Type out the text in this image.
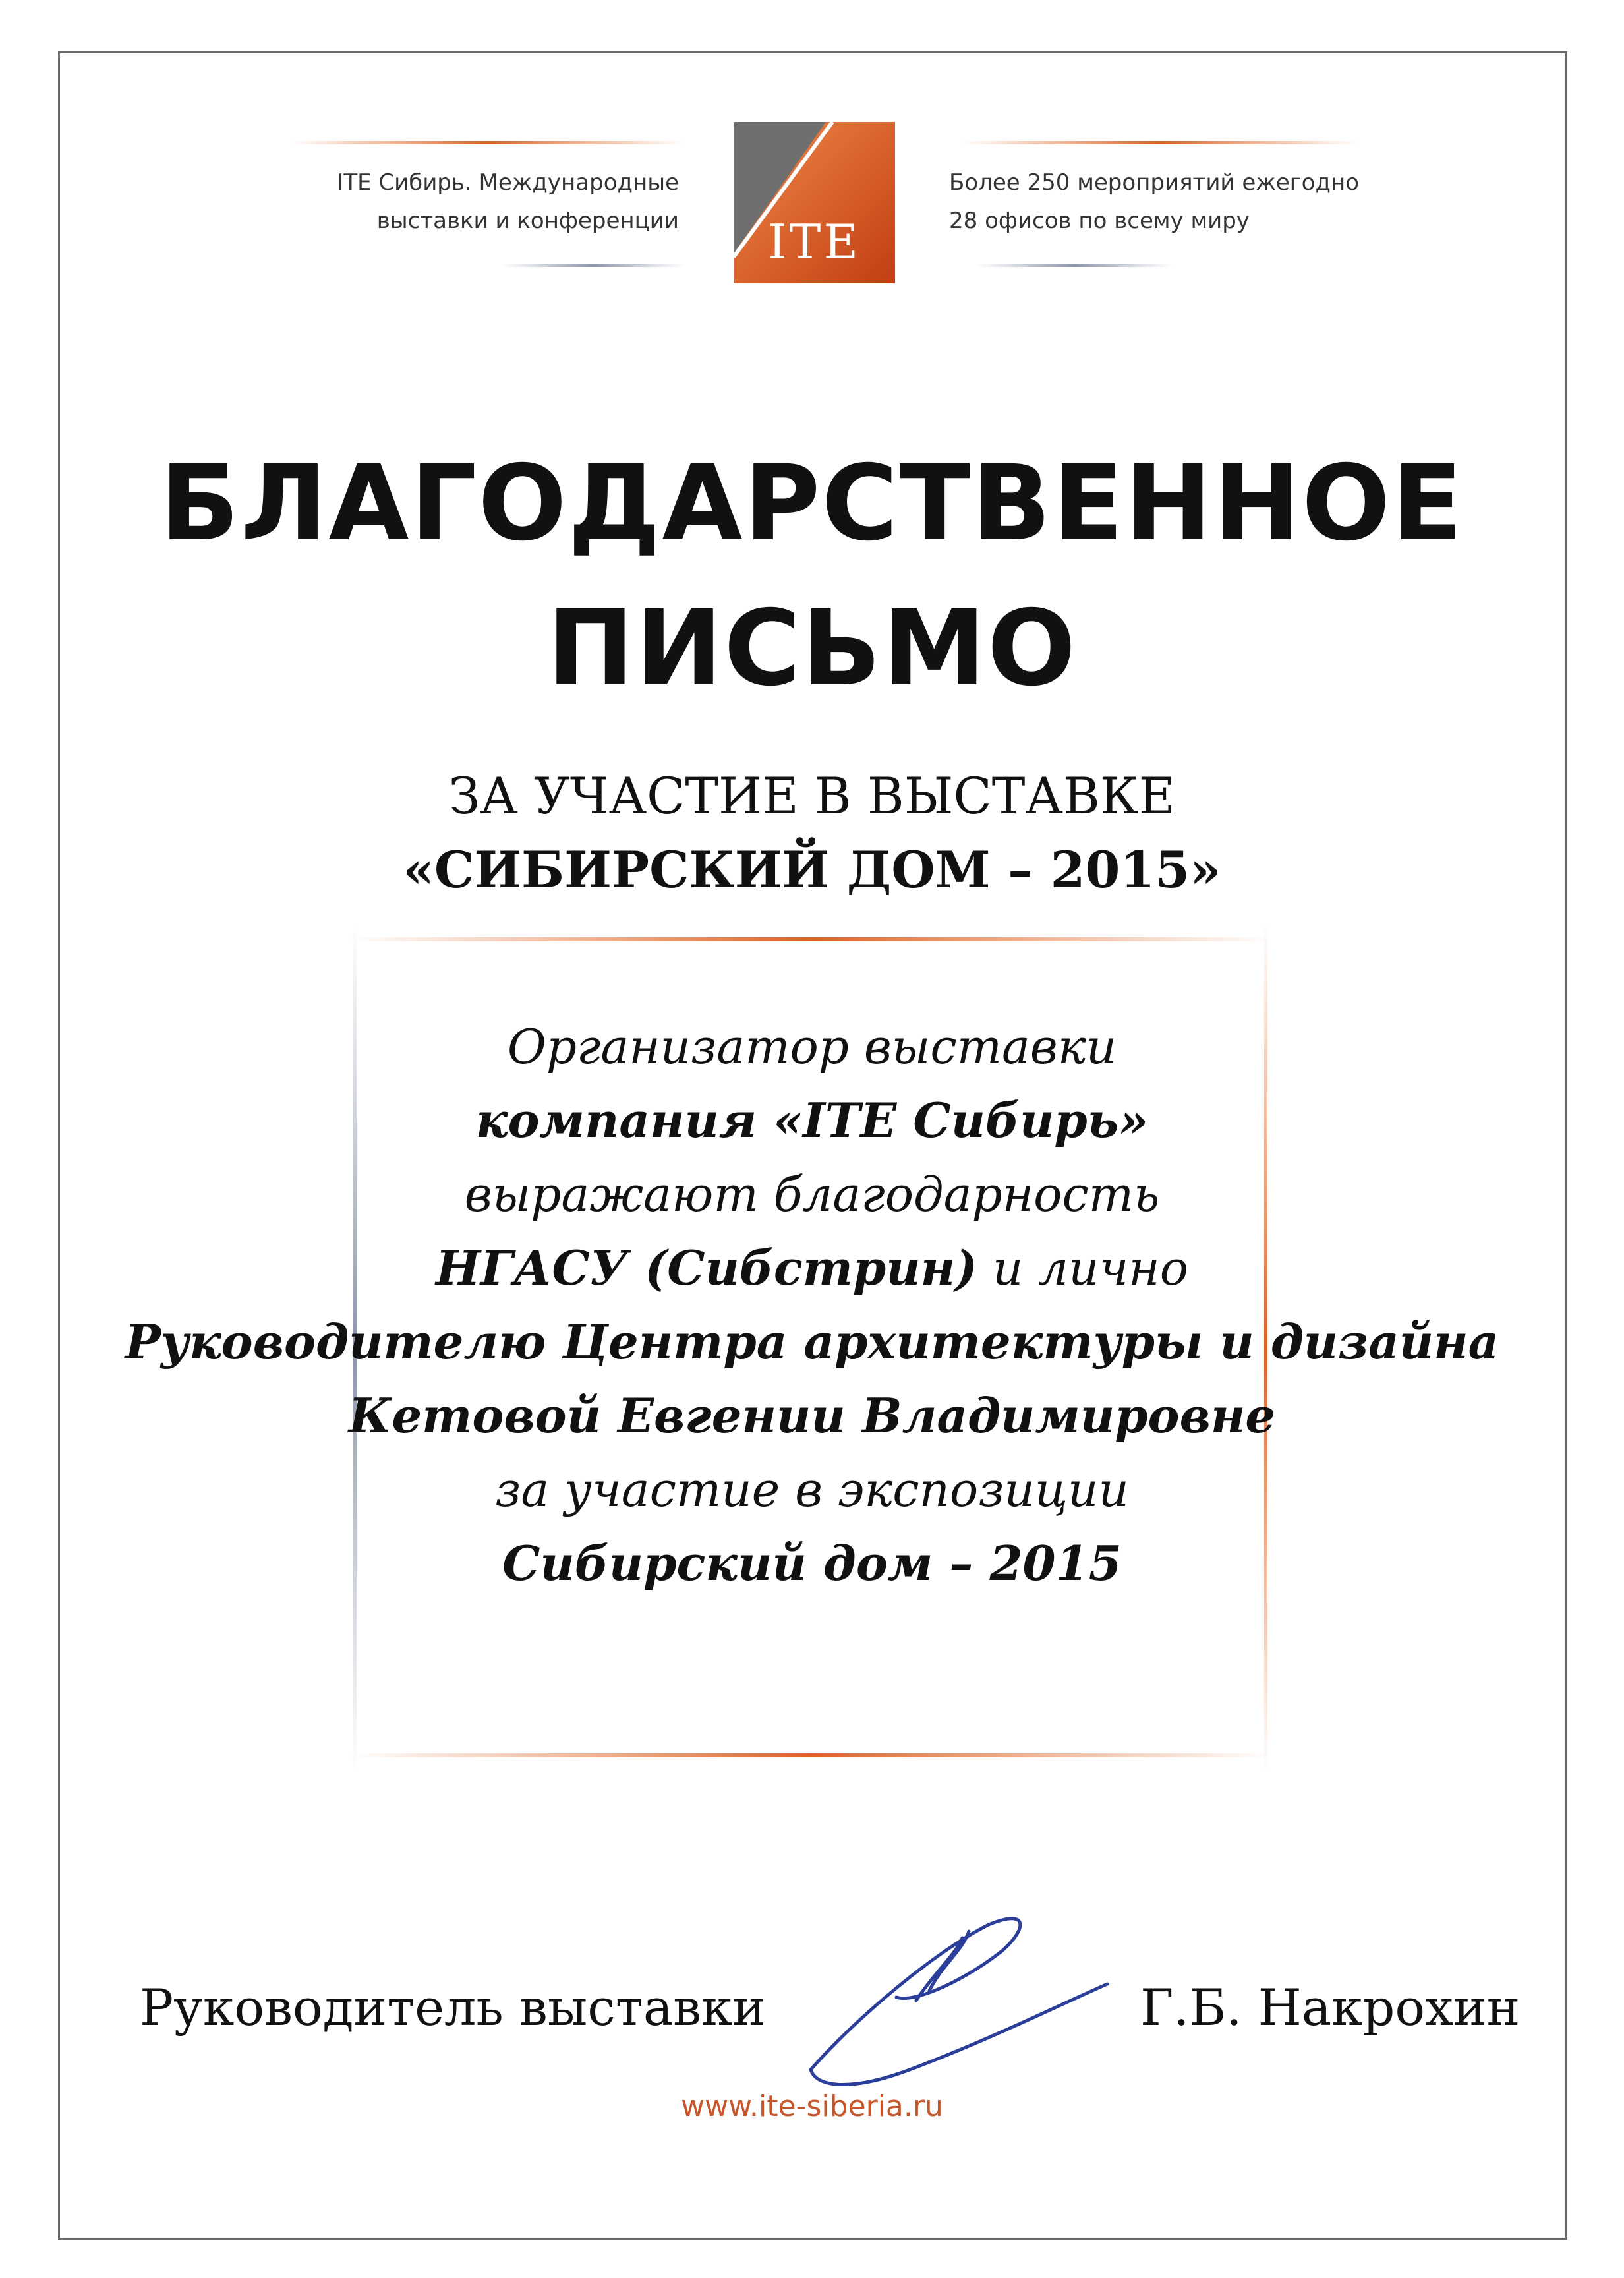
ITE
ITE Сибирь. Международные
выставки и конференции
Более 250 мероприятий ежегодно
28 офисов по всему миру
БЛАГОДАРСТВЕННОЕ
ПИСЬМО
ЗА УЧАСТИЕ В ВЫСТАВКЕ
«СИБИРСКИЙ ДОМ – 2015»
Организатор выставки
компания «ITE Сибирь»
выражают благодарность
НГАСУ (Сибстрин) и лично
Руководителю Центра архитектуры и дизайна
Кетовой Евгении Владимировне
за участие в экспозиции
Сибирский дом – 2015
Руководитель выставки	Г.Б. Накрохин
www.ite-siberia.ru
